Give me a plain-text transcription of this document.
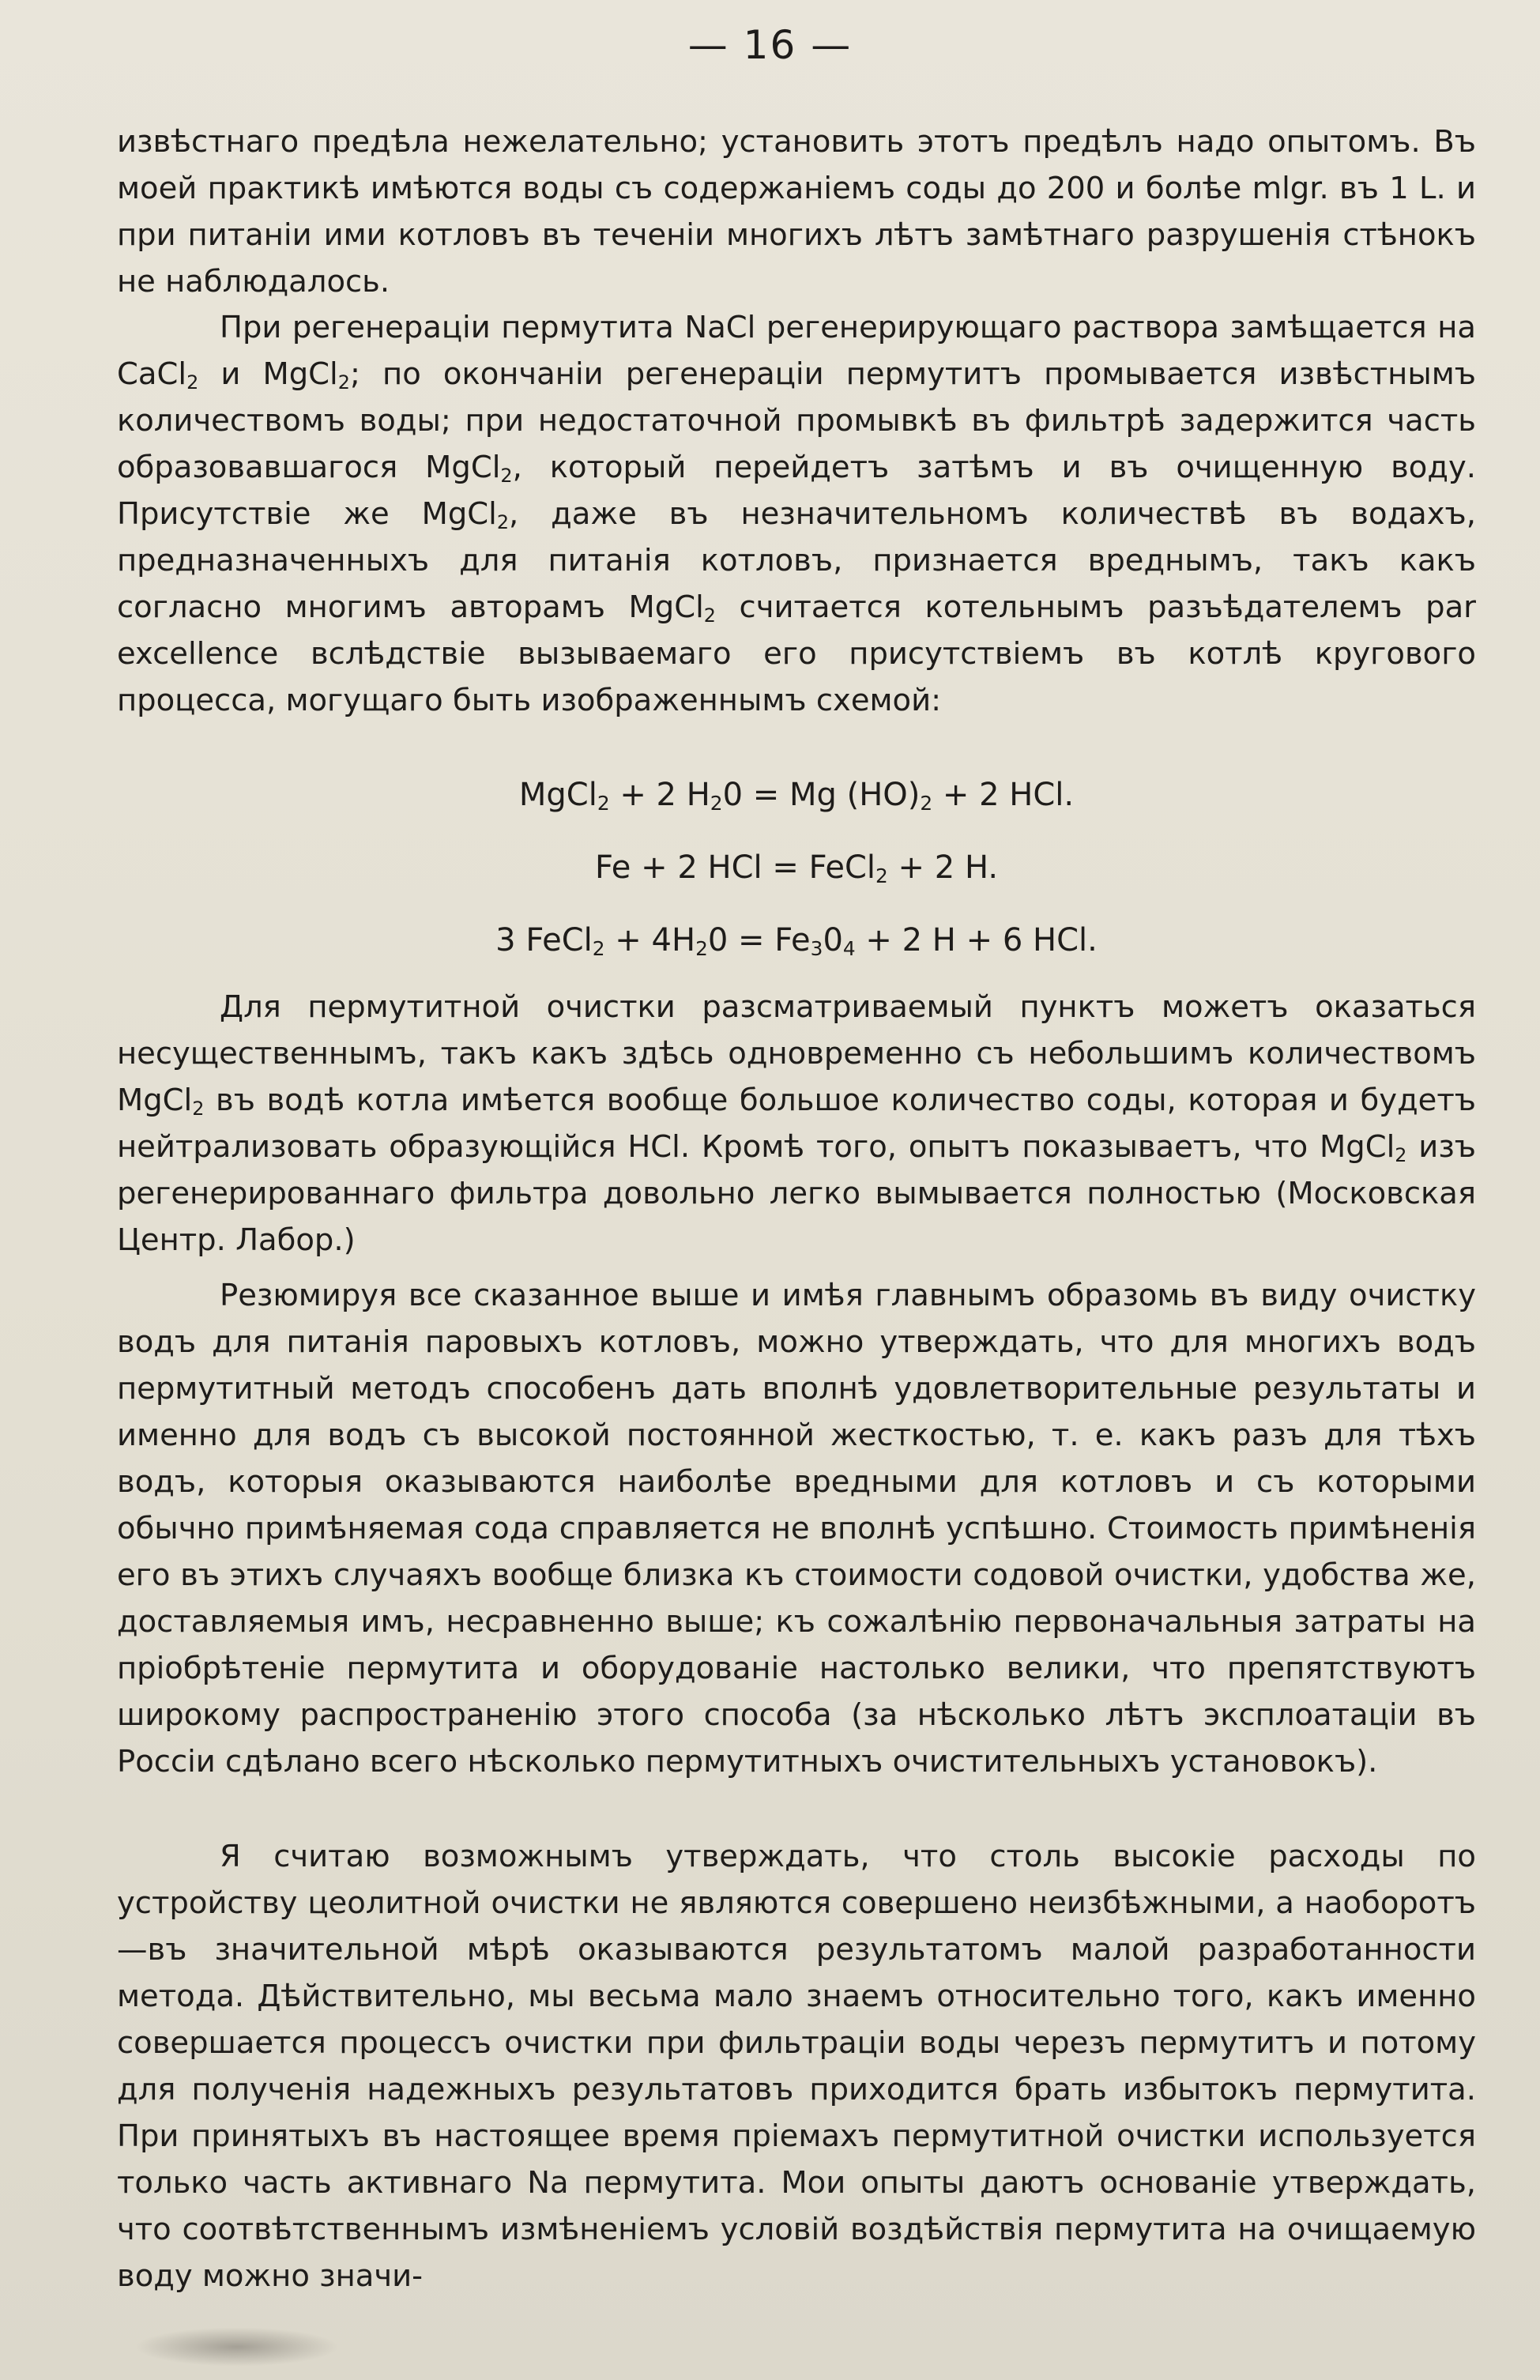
— 16 —

извѣстнаго предѣла нежелательно; установить этотъ предѣлъ надо опытомъ. Въ моей практикѣ имѣются воды съ содержаніемъ соды до 200 и болѣе mlgr. въ 1 L. и при питаніи ими котловъ въ теченіи многихъ лѣтъ замѣтнаго разрушенія стѣнокъ не наблюдалось.

При регенераціи пермутита NaCl регенерирующаго раствора замѣщается на CaCl$_2$ и MgCl$_2$; по окончаніи регенераціи пермутитъ промывается извѣстнымъ количествомъ воды; при недостаточной промывкѣ въ фильтрѣ задержится часть образовавшагося MgCl$_2$, который перейдетъ затѣмъ и въ очищенную воду. Присутствіе же MgCl$_2$, даже въ незначительномъ количествѣ въ водахъ, предназначенныхъ для питанія котловъ, признается вреднымъ, такъ какъ согласно многимъ авторамъ MgCl$_2$ считается котельнымъ разъѣдателемъ par excellence вслѣдствіе вызываемаго его присутствіемъ въ котлѣ кругового процесса, могущаго быть изображеннымъ схемой:

MgCl$_2$ + 2 $H_20 = Mg$ $(HO)_2 + 2$ HCl.
Fe + 2 HCl = FeCl$_2$ + 2 H.
3 FeCl$_2$ + $4H_20 = Fe_30_4 + 2$ H + 6 HCl.

Для пермутитной очистки разсматриваемый пунктъ можетъ оказаться несущественнымъ, такъ какъ здѣсь одновременно съ небольшимъ количествомъ MgCl$_2$ въ водѣ котла имѣется вообще большое количество соды, которая и будетъ нейтрализовать образующійся HCl. Кромѣ того, опытъ показываетъ, что MgCl$_2$ изъ регенерированнаго фильтра довольно легко вымывается полностью (Московская Центр. Лабор.)

Резюмируя все сказанное выше и имѣя главнымъ образомь въ виду очистку водъ для питанія паровыхъ котловъ, можно утверждать, что для многихъ водъ пермутитный методъ способенъ дать вполнѣ удовлетворительные результаты и именно для водъ съ высокой постоянной жесткостью, т. е. какъ разъ для тѣхъ водъ, которыя оказываются наиболѣе вредными для котловъ и съ которыми обычно примѣняемая сода справляется не вполнѣ успѣшно. Стоимость примѣненія его въ этихъ случаяхъ вообще близка къ стоимости содовой очистки, удобства же, доставляемыя имъ, несравненно выше; къ сожалѣнію первоначальныя затраты на пріобрѣтеніе пермутита и оборудованіе настолько велики, что препятствуютъ широкому распространенію этого способа (за нѣсколько лѣтъ эксплоатаціи въ Россіи сдѣлано всего нѣсколько пермутитныхъ очистительныхъ установокъ).

Я считаю возможнымъ утверждать, что столь высокіе расходы по устройству цеолитной очистки не являются совершено неизбѣжными, а наоборотъ—въ значительной мѣрѣ оказываются результатомъ малой разработанности метода. Дѣйствительно, мы весьма мало знаемъ относительно того, какъ именно совершается процессъ очистки при фильтраціи воды черезъ пермутитъ и потому для полученія надежныхъ результатовъ приходится брать избытокъ пермутита. При принятыхъ въ настоящее время пріемахъ пермутитной очистки используется только часть активнаго Na пермутита. Мои опыты даютъ основаніе утверждать, что соотвѣтственнымъ измѣненіемъ условій воздѣйствія пермутита на очищаемую воду можно значи-
